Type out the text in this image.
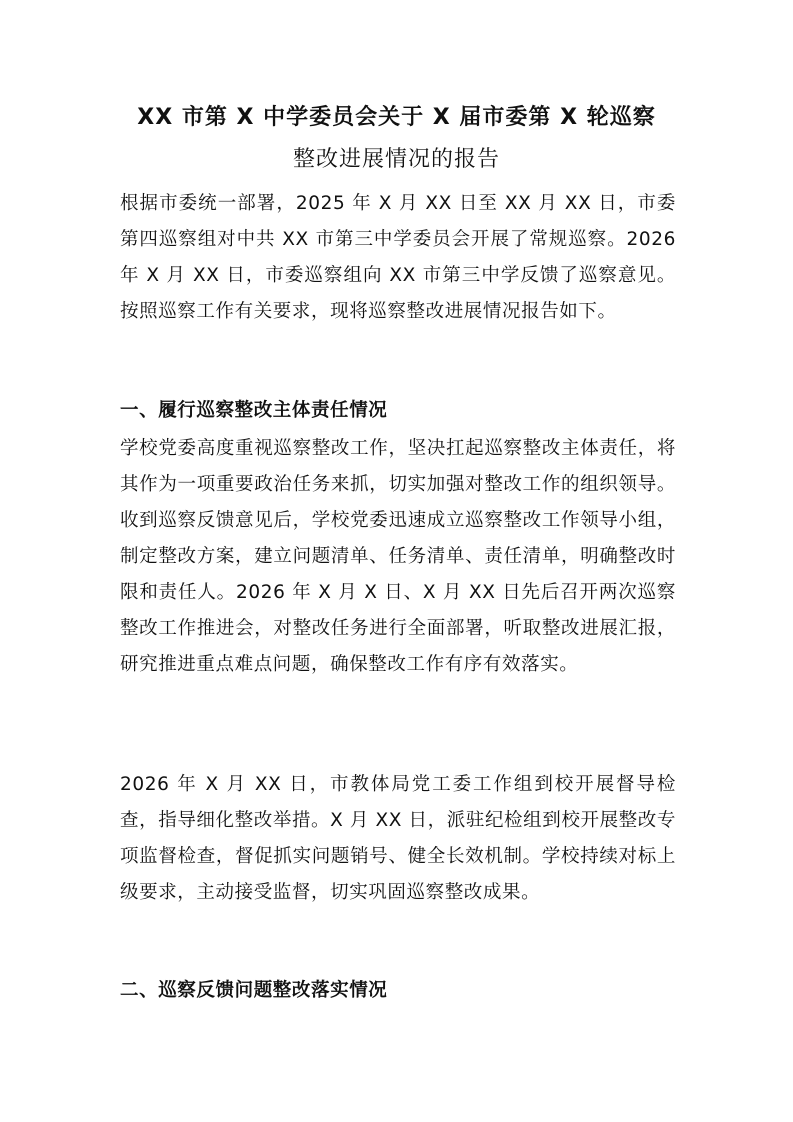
XX 市第 X 中学委员会关于 X 届市委第 X 轮巡察
整改进展情况的报告

根据市委统一部署，2025 年 X 月 XX 日至 XX 月 XX 日，市委第四巡察组对中共 XX 市第三中学委员会开展了常规巡察。2026 年 X 月 XX 日，市委巡察组向 XX 市第三中学反馈了巡察意见。按照巡察工作有关要求，现将巡察整改进展情况报告如下。

一、履行巡察整改主体责任情况

学校党委高度重视巡察整改工作，坚决扛起巡察整改主体责任，将其作为一项重要政治任务来抓，切实加强对整改工作的组织领导。收到巡察反馈意见后，学校党委迅速成立巡察整改工作领导小组，制定整改方案，建立问题清单、任务清单、责任清单，明确整改时限和责任人。2026 年 X 月 X 日、X 月 XX 日先后召开两次巡察整改工作推进会，对整改任务进行全面部署，听取整改进展汇报，研究推进重点难点问题，确保整改工作有序有效落实。

2026 年 X 月 XX 日，市教体局党工委工作组到校开展督导检查，指导细化整改举措。X 月 XX 日，派驻纪检组到校开展整改专项监督检查，督促抓实问题销号、健全长效机制。学校持续对标上级要求，主动接受监督，切实巩固巡察整改成果。

二、巡察反馈问题整改落实情况
